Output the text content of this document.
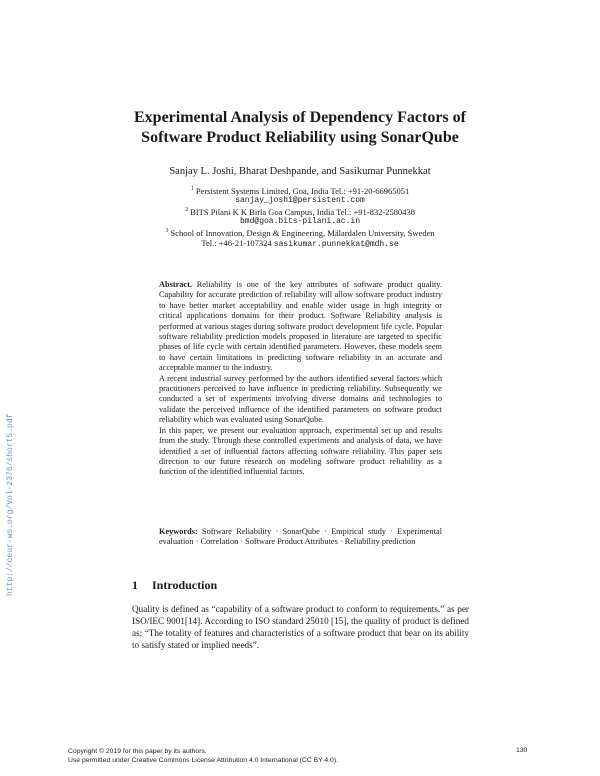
Experimental Analysis of Dependency Factors of
Software Product Reliability using SonarQube
Sanjay L. Joshi, Bharat Deshpande, and Sasikumar Punnekkat
$^1$ Persistent Systems Limited, Goa, India Tel.: +91-20-66965051
sanjay_joshi@persistent.com
$^2$ BITS Pilani K K Birla Goa Campus, India Tel.: +91-832-2580438
bmd@goa.bits-pilani.ac.in
$^3$ School of Innovation, Design & Engineering, Mälardalen University, Sweden
Tel.: +46-21-107324 sasikumar.punnekkat@mdh.se

Abstract. Reliability is one of the key attributes of software product quality. Capability for accurate prediction of reliability will allow software product industry to have better market acceptability and enable wider usage in high integrity or critical applications domains for their product. Software Reliability analysis is performed at various stages during software product development life cycle. Popular software reliability prediction models proposed in literature are targeted to specific phases of life cycle with certain identified parameters. However, these models seem to have certain limitations in predicting software reliability in an accurate and acceptable manner to the industry.

A recent industrial survey performed by the authors identified several factors which practitioners perceived to have influence in predicting reliability. Subsequently we conducted a set of experiments involving diverse domains and technologies to validate the perceived influence of the identified parameters on software product reliability which was evaluated using SonarQube.

In this paper, we present our evaluation approach, experimental set up and results from the study. Through these controlled experiments and analysis of data, we have identified a set of influential factors affecting software reliability. This paper sets direction to our future research on modeling software product reliability as a function of the identified influential factors.

Keywords: Software Reliability · SonarQube · Empirical study · Experimental evaluation · Correlation · Software Product Attributes · Reliability prediction
1 Introduction

Quality is defined as “capability of a software product to conform to requirements.” as per ISO/IEC 9001[14]. According to ISO standard 25010 [15], the quality of product is defined as; “The totality of features and characteristics of a software product that bear on its ability to satisfy stated or implied needs”.

http://ceur-ws.org/Vol-2376/short5.pdf
Copyright © 2019 for this paper by its authors.
Use permitted under Creative Commons License Attribution 4.0 International (CC BY 4.0).
130
